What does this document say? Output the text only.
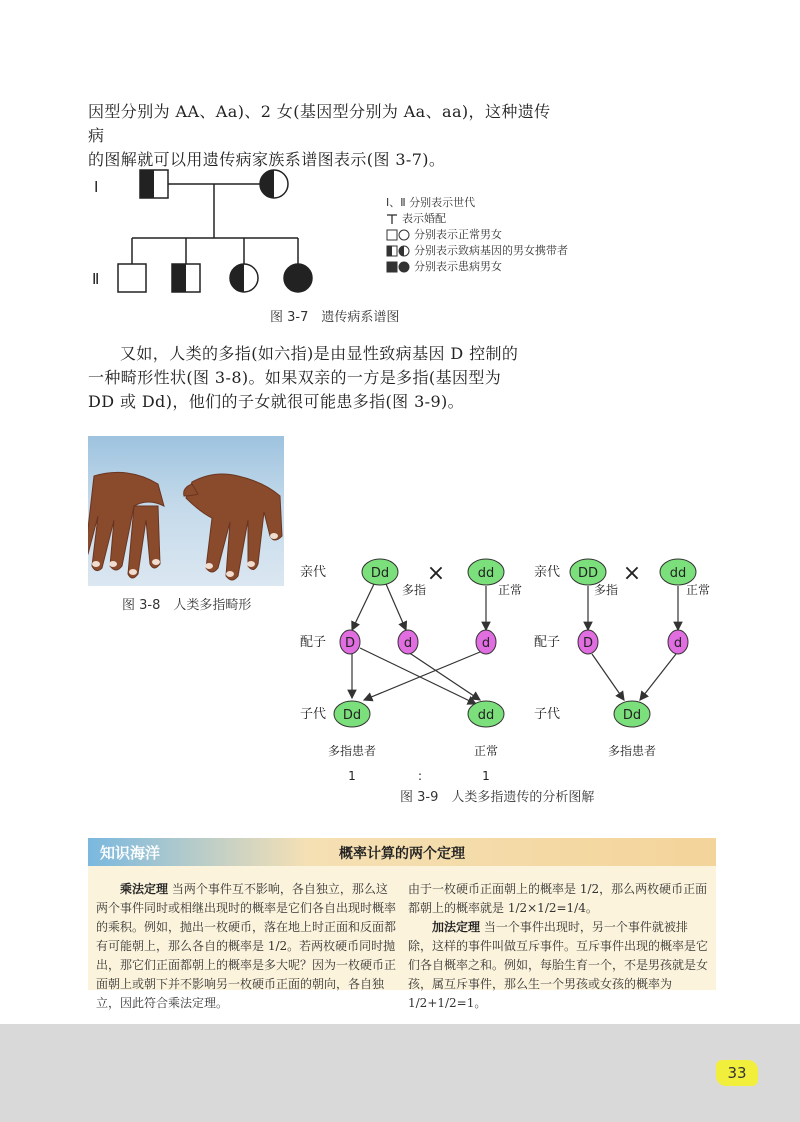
因型分别为 AA、Aa)、2 女(基因型分别为 Aa、aa)，这种遗传病
的图解就可以用遗传病家族系谱图表示(图 3-7)。
Ⅰ
Ⅱ
Ⅰ、Ⅱ 分别表示世代
表示婚配
分别表示正常男女
分别表示致病基因的男女携带者
分别表示患病男女
图 3-7　遗传病系谱图
又如，人类的多指(如六指)是由显性致病基因 D 控制的
一种畸形性状(图 3-8)。如果双亲的一方是多指(基因型为
DD 或 Dd)，他们的子女就很可能患多指(图 3-9)。
图 3-8　人类多指畸形
亲代
配子
子代
亲代
配子
子代
Dd
多指
×	dd
正常
D	d	d
Dd	dd
多指患者	正常
1	:	1
DD
多指
× dd
正常
D	d
Dd
多指患者
图 3-9　人类多指遗传的分析图解
知识海洋	概率计算的两个定理
乘法定理 当两个事件互不影响，各自独立，那么这两个事件同时或相继出现时的概率是它们各自出现时概率的乘积。例如，抛出一枚硬币，落在地上时正面和反面都有可能朝上，那么各自的概率是 1/2。若两枚硬币同时抛出，那它们正面都朝上的概率是多大呢？因为一枚硬币正面朝上或朝下并不影响另一枚硬币正面的朝向，各自独立，因此符合乘法定理。
由于一枚硬币正面朝上的概率是 1/2，那么两枚硬币正面都朝上的概率就是 1/2×1/2=1/4。
加法定理 当一个事件出现时，另一个事件就被排除，这样的事件叫做互斥事件。互斥事件出现的概率是它们各自概率之和。例如，每胎生育一个，不是男孩就是女孩，属互斥事件，那么生一个男孩或女孩的概率为 1/2+1/2=1。
33
